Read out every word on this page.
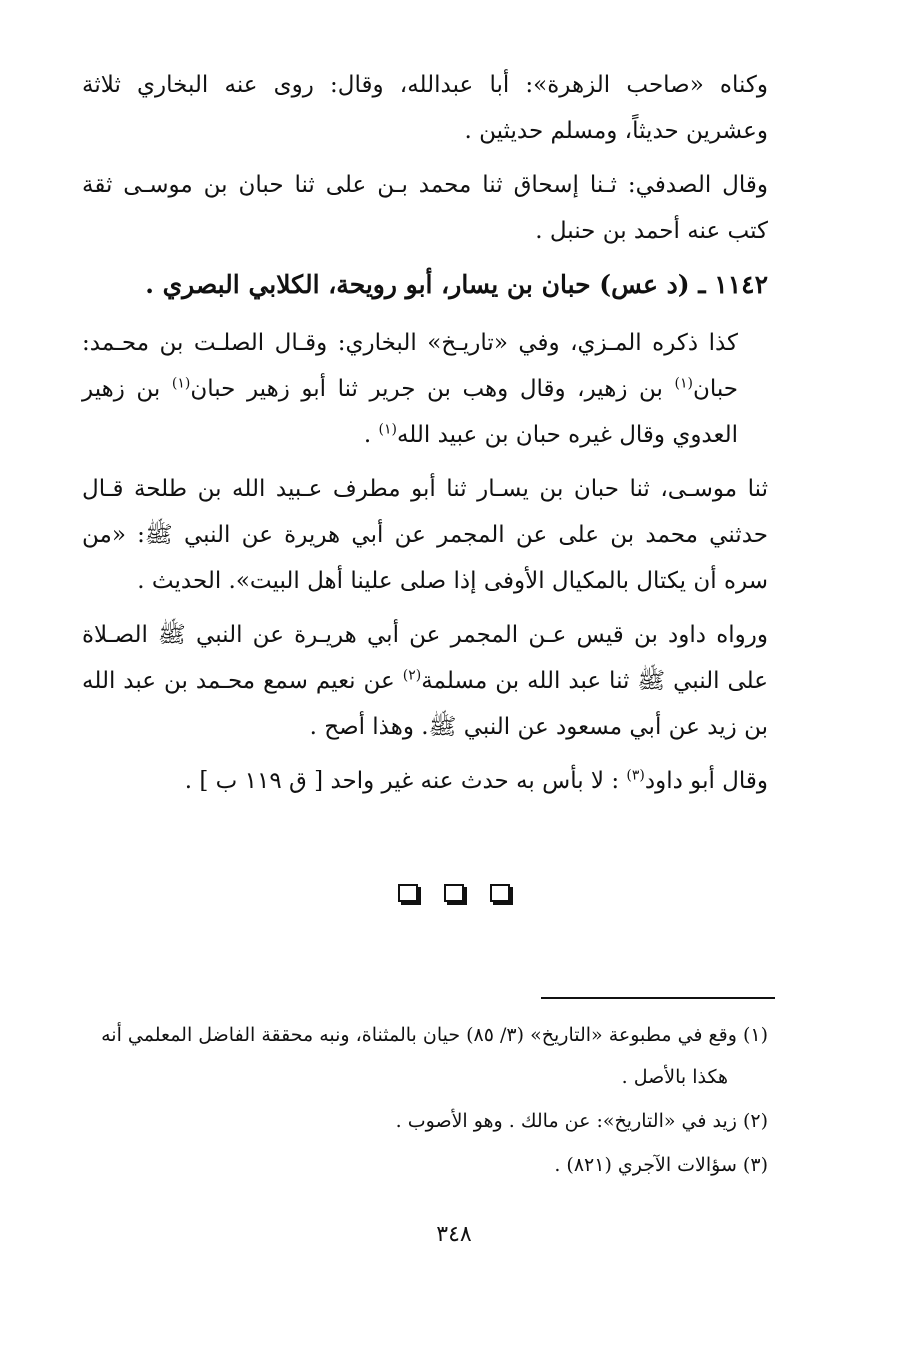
وكناه «صاحب الزهرة»: أبا عبدالله، وقال: روى عنه البخاري ثلاثة وعشرين حديثاً، ومسلم حديثين .

وقال الصدفي: ثـنا إسحاق ثنا محمد بـن على ثنا حبان بن موسـى ثقة كتب عنه أحمد بن حنبل .

١١٤٢ ـ (د عس) حبان بن يسار، أبو رويحة، الكلابي البصري .

كذا ذكره المـزي، وفي «تاريـخ» البخاري: وقـال الصلـت بن محـمد: حبان$^{(١)}$ بن زهير، وقال وهب بن جرير ثنا أبو زهير حبان$^{(١)}$ بن زهير العدوي وقال غيره حبان بن عبيد الله$^{(١)}$ .

ثنا موسـى، ثنا حبان بن يسـار ثنا أبو مطرف عـبيد الله بن طلحة قـال حدثني محمد بن على عن المجمر عن أبي هريرة عن النبي ﷺ: «من سره أن يكتال بالمكيال الأوفى إذا صلى علينا أهل البيت». الحديث .

ورواه داود بن قيس عـن المجمر عن أبي هريـرة عن النبي ﷺ الصـلاة على النبي ﷺ ثنا عبد الله بن مسلمة$^{(٢)}$ عن نعيم سمع محـمد بن عبد الله بن زيد عن أبي مسعود عن النبي ﷺ. وهذا أصح .

وقال أبو داود$^{(٣)}$ : لا بأس به حدث عنه غير واحد [ ق ١١٩ ب ] .

(١) وقع في مطبوعة «التاريخ» (٣/ ٨٥) حيان بالمثناة، ونبه محققة الفاضل المعلمي أنه
هكذا بالأصل .

(٢) زيد في «التاريخ»: عن مالك . وهو الأصوب .

(٣) سؤالات الآجري (٨٢١) .

٣٤٨
